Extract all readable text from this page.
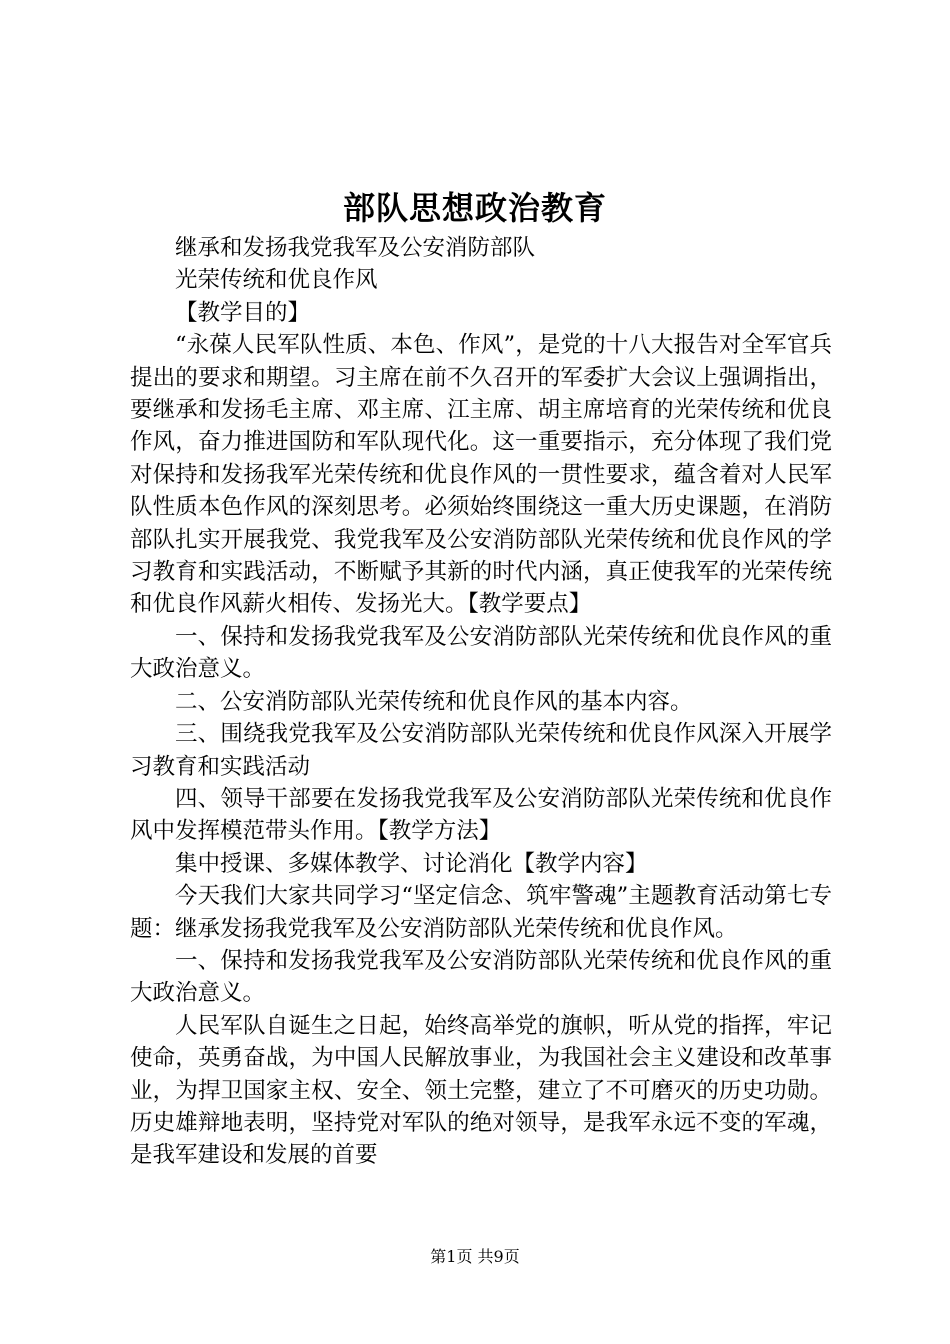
部队思想政治教育

继承和发扬我党我军及公安消防部队

光荣传统和优良作风

【教学目的】

“永葆人民军队性质、本色、作风”，是党的十八大报告对全军官兵提出的要求和期望。习主席在前不久召开的军委扩大会议上强调指出，要继承和发扬毛主席、邓主席、江主席、胡主席培育的光荣传统和优良作风，奋力推进国防和军队现代化。这一重要指示，充分体现了我们党对保持和发扬我军光荣传统和优良作风的一贯性要求，蕴含着对人民军队性质本色作风的深刻思考。必须始终围绕这一重大历史课题，在消防部队扎实开展我党、我党我军及公安消防部队光荣传统和优良作风的学习教育和实践活动，不断赋予其新的时代内涵，真正使我军的光荣传统和优良作风薪火相传、发扬光大。【教学要点】

一、保持和发扬我党我军及公安消防部队光荣传统和优良作风的重大政治意义。

二、公安消防部队光荣传统和优良作风的基本内容。

三、围绕我党我军及公安消防部队光荣传统和优良作风深入开展学习教育和实践活动

四、领导干部要在发扬我党我军及公安消防部队光荣传统和优良作风中发挥模范带头作用。【教学方法】

集中授课、多媒体教学、讨论消化【教学内容】

今天我们大家共同学习“坚定信念、筑牢警魂”主题教育活动第七专题：继承发扬我党我军及公安消防部队光荣传统和优良作风。

一、保持和发扬我党我军及公安消防部队光荣传统和优良作风的重大政治意义。

人民军队自诞生之日起，始终高举党的旗帜，听从党的指挥，牢记使命，英勇奋战，为中国人民解放事业，为我国社会主义建设和改革事业，为捍卫国家主权、安全、领土完整，建立了不可磨灭的历史功勋。历史雄辩地表明，坚持党对军队的绝对领导，是我军永远不变的军魂，是我军建设和发展的首要

第1页 共9页
